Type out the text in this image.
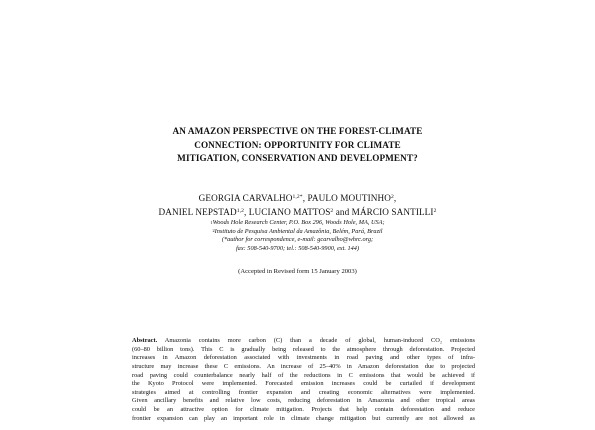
AN AMAZON PERSPECTIVE ON THE FOREST-CLIMATE
CONNECTION: OPPORTUNITY FOR CLIMATE
MITIGATION, CONSERVATION AND DEVELOPMENT?
GEORGIA $CARVALHO^{1,2*}$, PAULO MOUTINHO$^2$,
DANIEL NEPSTAD$^{1,2}$, LUCIANO MATTOS$^2$ and MÁRCIO SANTILLI$^2$
$^1$Woods Hole Research Center, P.O. Box 296, Woods Hole, MA, USA;
$^2$Instituto de Pesquisa Ambiental da Amazônia, Belém, Pará, Brazil
(*author for correspondence, e-mail: gcarvalho@whrc.org;
fax: 508-540-9700; tel.: 508-540-9900, ext. 144)
(Accepted in Revised form 15 January 2003)
Abstract. Amazonia contains more carbon (C) than a decade of global, human-induced CO₂ emissions
(60–80 billion tons). This C is gradually being released to the atmosphere through deforestation. Projected
increases in Amazon deforestation associated with investments in road paving and other types of infra-
structure may increase these C emissions. An increase of 25–40% in Amazon deforestation due to projected
road paving could counterbalance nearly half of the reductions in C emissions that would be achieved if
the Kyoto Protocol were implemented. Forecasted emission increases could be curtailed if development
strategies aimed at controlling frontier expansion and creating economic alternatives were implemented.
Given ancillary benefits and relative low costs, reducing deforestation in Amazonia and other tropical areas
could be an attractive option for climate mitigation. Projects that help contain deforestation and reduce
frontier expansion can play an important role in climate change mitigation but currently are not allowed as
